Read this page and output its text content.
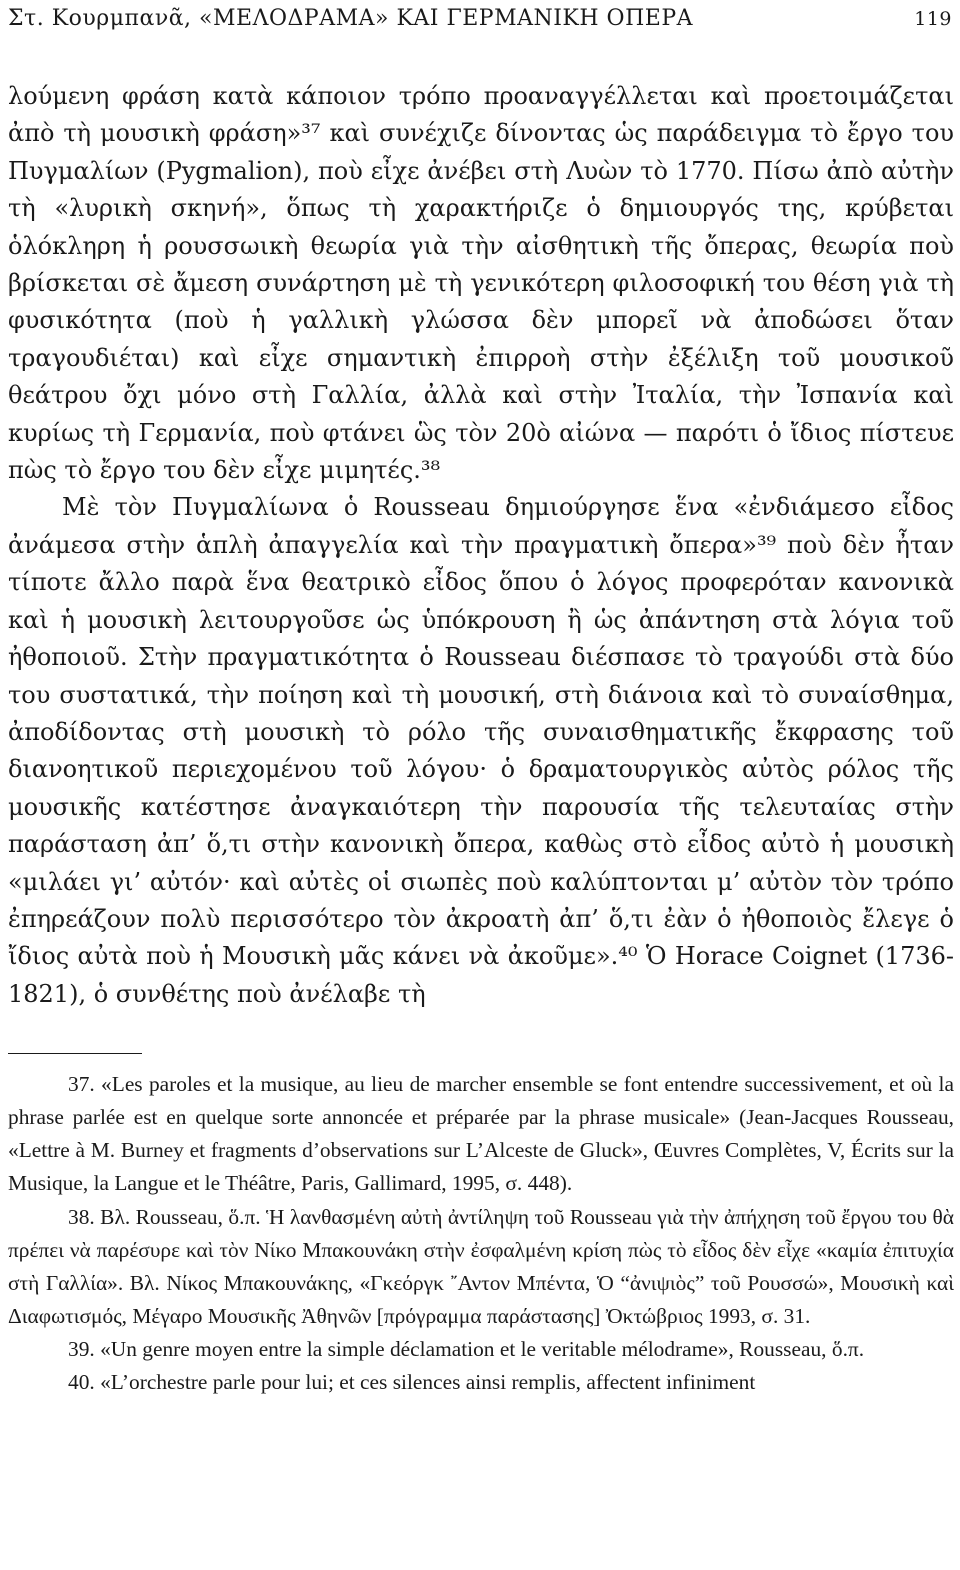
Στ. Κουρμπανᾶ, «ΜΕΛΟΔΡΑΜΑ» ΚΑΙ ΓΕΡΜΑΝΙΚΗ ΟΠΕΡΑ	119

λούμενη φράση κατὰ κάποιον τρόπο προαναγγέλλεται καὶ προετοιμάζεται ἀπὸ τὴ μουσικὴ φράση»³⁷ καὶ συνέχιζε δίνοντας ὡς παράδειγμα τὸ ἔργο του Πυγμαλίων (Pygmalion), ποὺ εἶχε ἀνέβει στὴ Λυὼν τὸ 1770. Πίσω ἀπὸ αὐτὴν τὴ «λυρικὴ σκηνή», ὅπως τὴ χαρακτήριζε ὁ δημιουργός της, κρύβεται ὁλόκληρη ἡ ρουσσωικὴ θεωρία γιὰ τὴν αἰσθητικὴ τῆς ὄπερας, θεωρία ποὺ βρίσκεται σὲ ἄμεση συνάρτηση μὲ τὴ γενικότερη φιλοσοφική του θέση γιὰ τὴ φυσικότητα (ποὺ ἡ γαλλικὴ γλώσσα δὲν μπορεῖ νὰ ἀποδώσει ὅταν τραγουδιέται) καὶ εἶχε σημαντικὴ ἐπιρροὴ στὴν ἐξέλιξη τοῦ μουσικοῦ θεάτρου ὄχι μόνο στὴ Γαλλία, ἀλλὰ καὶ στὴν Ἰταλία, τὴν Ἰσπανία καὶ κυρίως τὴ Γερμανία, ποὺ φτάνει ὣς τὸν 20ὸ αἰώνα — παρότι ὁ ἴδιος πίστευε πὼς τὸ ἔργο του δὲν εἶχε μιμητές.³⁸

Μὲ τὸν Πυγμαλίωνα ὁ Rousseau δημιούργησε ἕνα «ἐνδιάμεσο εἶδος ἀνάμεσα στὴν ἁπλὴ ἀπαγγελία καὶ τὴν πραγματικὴ ὄπερα»³⁹ ποὺ δὲν ἦταν τίποτε ἄλλο παρὰ ἕνα θεατρικὸ εἶδος ὅπου ὁ λόγος προφερόταν κανονικὰ καὶ ἡ μουσικὴ λειτουργοῦσε ὡς ὑπόκρουση ἢ ὡς ἀπάντηση στὰ λόγια τοῦ ἠθοποιοῦ. Στὴν πραγματικότητα ὁ Rousseau διέσπασε τὸ τραγούδι στὰ δύο του συστατικά, τὴν ποίηση καὶ τὴ μουσική, στὴ διάνοια καὶ τὸ συναίσθημα, ἀποδίδοντας στὴ μουσικὴ τὸ ρόλο τῆς συναισθηματικῆς ἔκφρασης τοῦ διανοητικοῦ περιεχομένου τοῦ λόγου· ὁ δραματουργικὸς αὐτὸς ρόλος τῆς μουσικῆς κατέστησε ἀναγκαιότερη τὴν παρουσία τῆς τελευταίας στὴν παράσταση ἀπ’ ὅ,τι στὴν κανονικὴ ὄπερα, καθὼς στὸ εἶδος αὐτὸ ἡ μουσικὴ «μιλάει γι’ αὐτόν· καὶ αὐτὲς οἱ σιωπὲς ποὺ καλύπτονται μ’ αὐτὸν τὸν τρόπο ἐπηρεάζουν πολὺ περισσότερο τὸν ἀκροατὴ ἀπ’ ὅ,τι ἐὰν ὁ ἠθοποιὸς ἔλεγε ὁ ἴδιος αὐτὰ ποὺ ἡ Μουσικὴ μᾶς κάνει νὰ ἀκοῦμε».⁴⁰ Ὁ Horace Coignet (1736-1821), ὁ συνθέτης ποὺ ἀνέλαβε τὴ

37. «Les paroles et la musique, au lieu de marcher ensemble se font entendre successivement, et où la phrase parlée est en quelque sorte annoncée et préparée par la phrase musicale» (Jean-Jacques Rousseau, «Lettre à M. Burney et fragments d’observations sur L’Alceste de Gluck», Œuvres Complètes, V, Écrits sur la Musique, la Langue et le Théâtre, Paris, Gallimard, 1995, σ. 448).

38. Βλ. Rousseau, ὅ.π. Ἡ λανθασμένη αὐτὴ ἀντίληψη τοῦ Rousseau γιὰ τὴν ἀπήχηση τοῦ ἔργου του θὰ πρέπει νὰ παρέσυρε καὶ τὸν Νίκο Μπακουνάκη στὴν ἐσφαλμένη κρίση πὼς τὸ εἶδος δὲν εἶχε «καμία ἐπιτυχία στὴ Γαλλία». Βλ. Νίκος Μπακουνάκης, «Γκεόργκ ῎Αντον Μπέντα, Ὁ “ἀνιψιὸς” τοῦ Ρουσσώ», Μουσικὴ καὶ Διαφωτισμός, Μέγαρο Μουσικῆς Ἀθηνῶν [πρόγραμμα παράστασης] Ὀκτώβριος 1993, σ. 31.

39. «Un genre moyen entre la simple déclamation et le veritable mélodrame», Rousseau, ὅ.π.

40. «L’orchestre parle pour lui; et ces silences ainsi remplis, affectent infiniment
